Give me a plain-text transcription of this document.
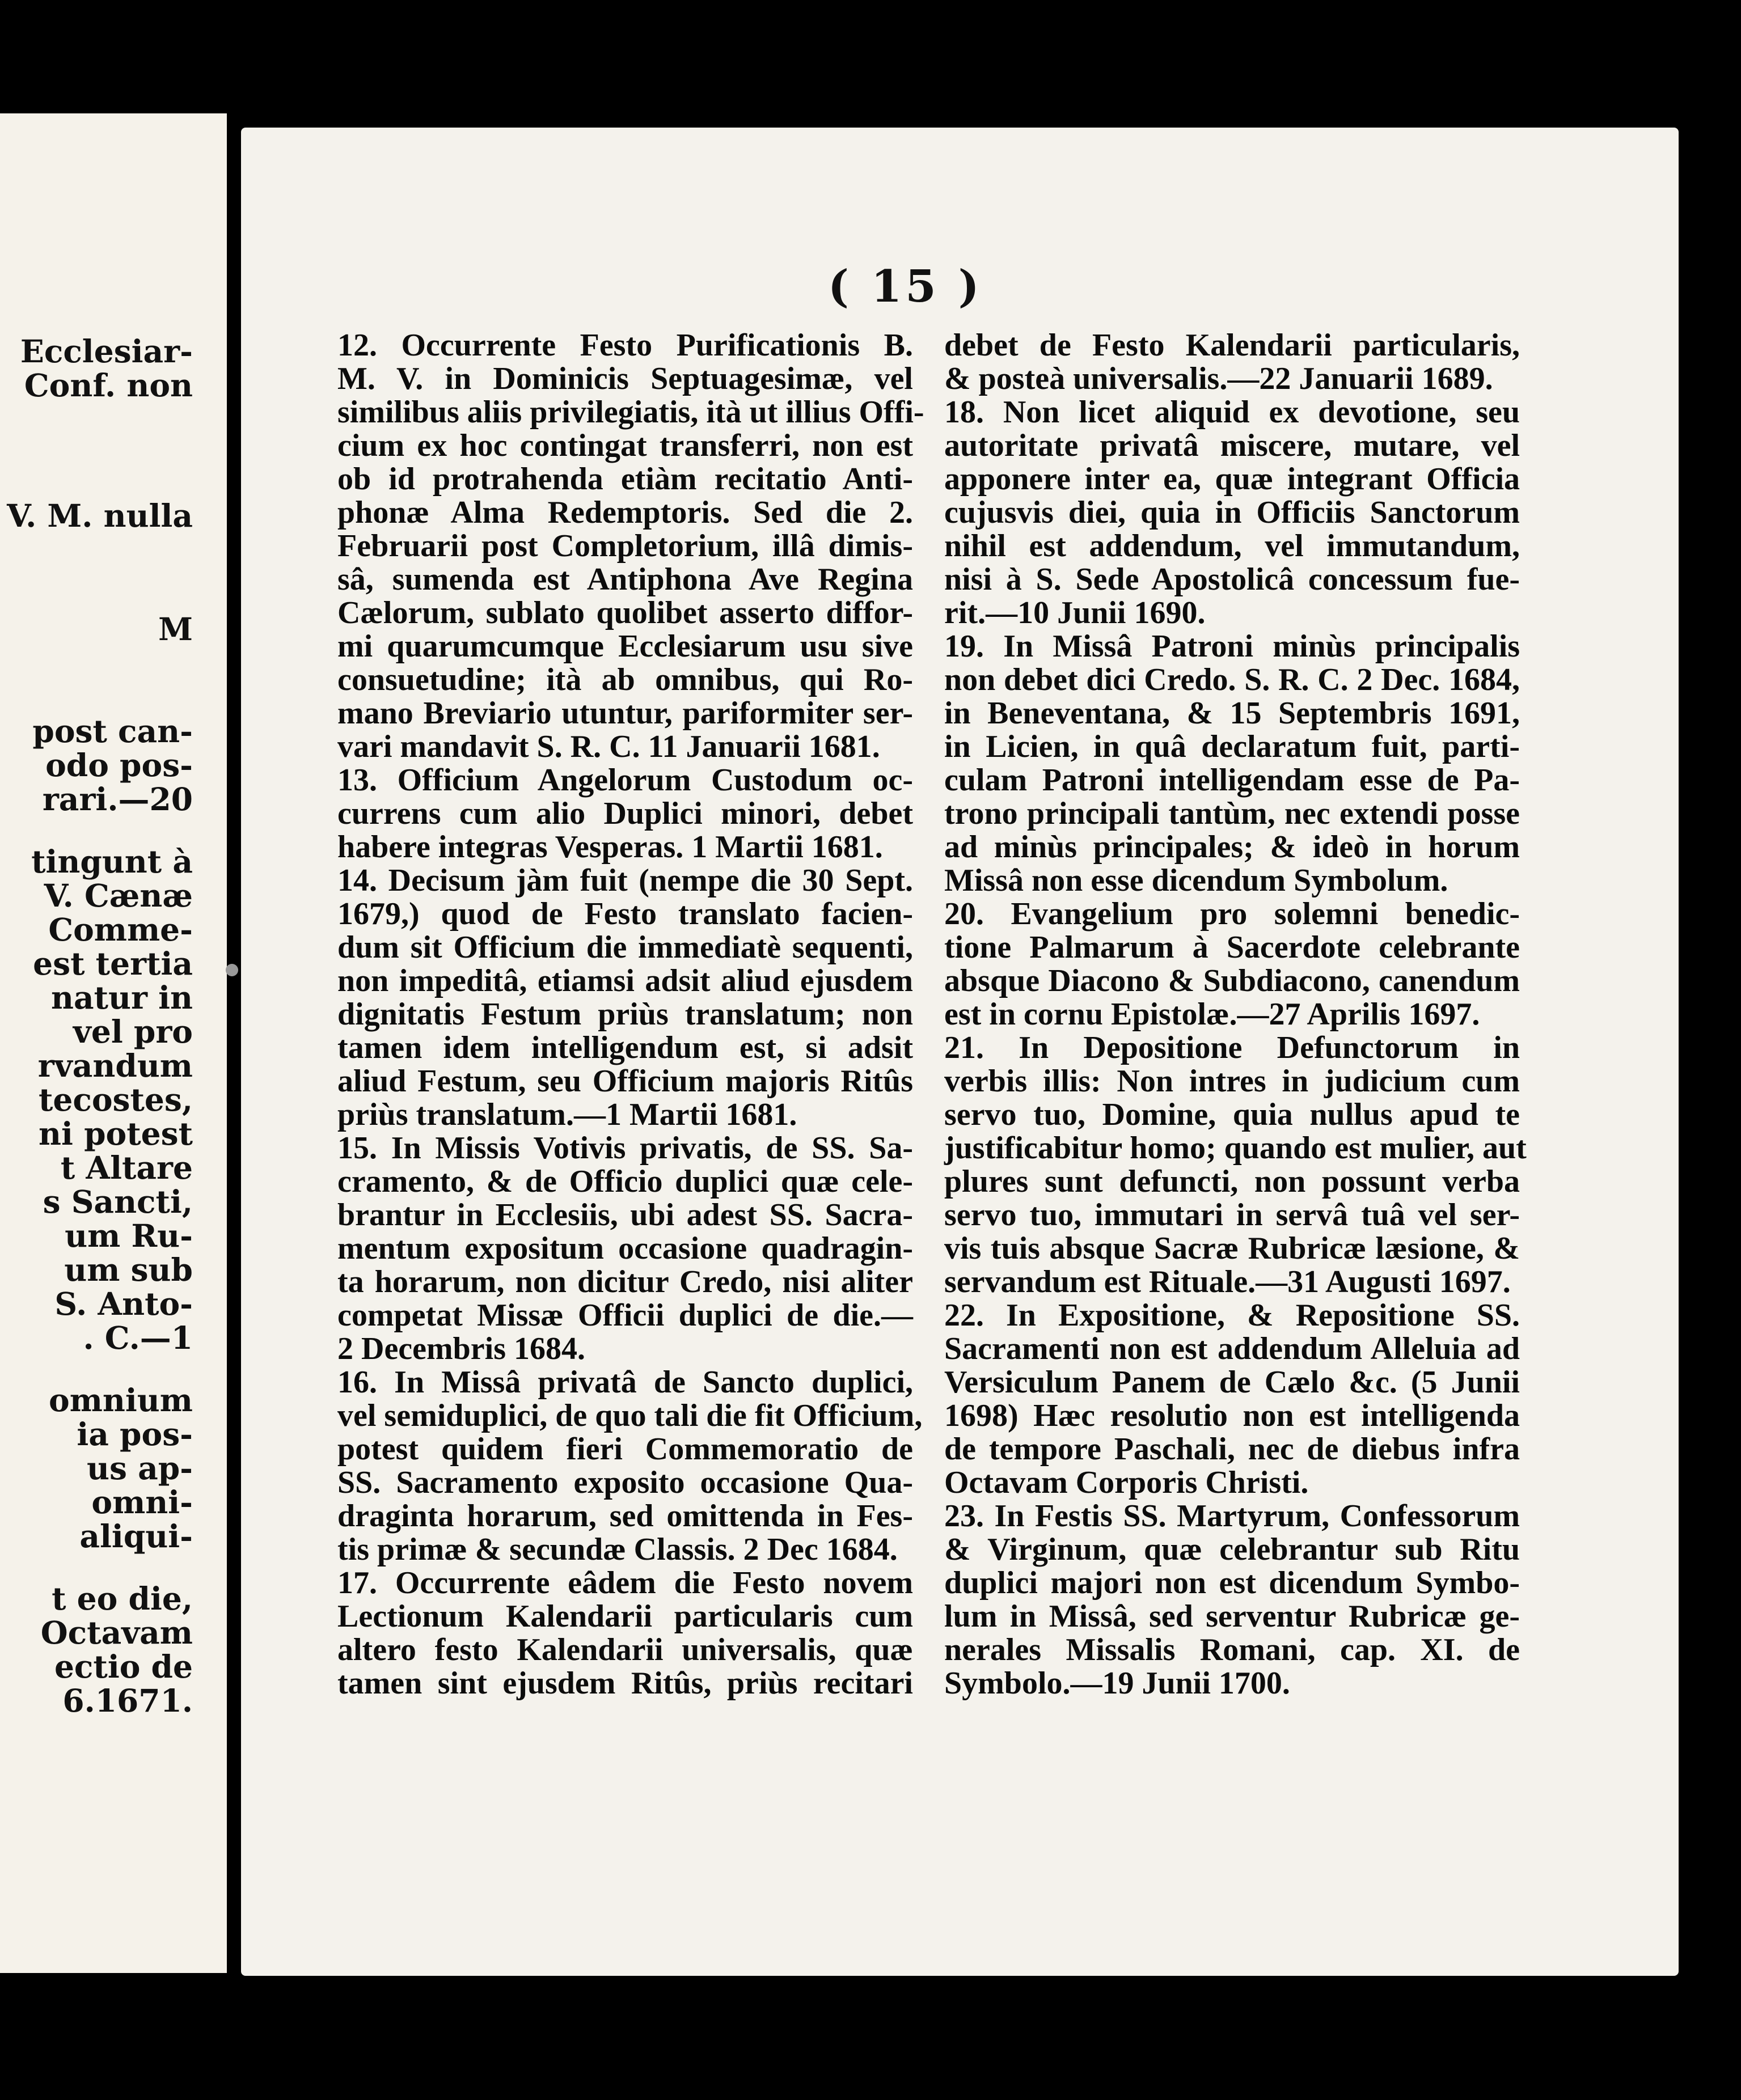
Ecclesiar-
Conf. non
V. M. nulla
M
post can-
odo pos-
rari.—20
tingunt à
V. Cænæ
Comme-
est tertia
natur in
vel pro
rvandum
tecostes,
ni potest
t Altare
s Sancti,
um Ru-
um sub
S. Anto-
. C.—1
omnium
ia pos-
us ap-
omni-
aliqui-
t eo die,
Octavam
ectio de
6.1671.
( 15 )
12. Occurrente Festo Purificationis B.
M. V. in Dominicis Septuagesimæ, vel
similibus aliis privilegiatis, ità ut illius Offi-
cium ex hoc contingat transferri, non est
ob id protrahenda etiàm recitatio Anti-
phonæ Alma Redemptoris. Sed die 2.
Februarii post Completorium, illâ dimis-
sâ, sumenda est Antiphona Ave Regina
Cælorum, sublato quolibet asserto diffor-
mi quarumcumque Ecclesiarum usu sive
consuetudine; ità ab omnibus, qui Ro-
mano Breviario utuntur, pariformiter ser-
vari mandavit S. R. C. 11 Januarii 1681.
13. Officium Angelorum Custodum oc-
currens cum alio Duplici minori, debet
habere integras Vesperas. 1 Martii 1681.
14. Decisum jàm fuit (nempe die 30 Sept.
1679,) quod de Festo translato facien-
dum sit Officium die immediatè sequenti,
non impeditâ, etiamsi adsit aliud ejusdem
dignitatis Festum priùs translatum; non
tamen idem intelligendum est, si adsit
aliud Festum, seu Officium majoris Ritûs
priùs translatum.—1 Martii 1681.
15. In Missis Votivis privatis, de SS. Sa-
cramento, & de Officio duplici quæ cele-
brantur in Ecclesiis, ubi adest SS. Sacra-
mentum expositum occasione quadragin-
ta horarum, non dicitur Credo, nisi aliter
competat Missæ Officii duplici de die.—
2 Decembris 1684.
16. In Missâ privatâ de Sancto duplici,
vel semiduplici, de quo tali die fit Officium,
potest quidem fieri Commemoratio de
SS. Sacramento exposito occasione Qua-
draginta horarum, sed omittenda in Fes-
tis primæ & secundæ Classis. 2 Dec 1684.
17. Occurrente eâdem die Festo novem
Lectionum Kalendarii particularis cum
altero festo Kalendarii universalis, quæ
tamen sint ejusdem Ritûs, priùs recitari
debet de Festo Kalendarii particularis,
& posteà universalis.—22 Januarii 1689.
18. Non licet aliquid ex devotione, seu
autoritate privatâ miscere, mutare, vel
apponere inter ea, quæ integrant Officia
cujusvis diei, quia in Officiis Sanctorum
nihil est addendum, vel immutandum,
nisi à S. Sede Apostolicâ concessum fue-
rit.—10 Junii 1690.
19. In Missâ Patroni minùs principalis
non debet dici Credo. S. R. C. 2 Dec. 1684,
in Beneventana, & 15 Septembris 1691,
in Licien, in quâ declaratum fuit, parti-
culam Patroni intelligendam esse de Pa-
trono principali tantùm, nec extendi posse
ad minùs principales; & ideò in horum
Missâ non esse dicendum Symbolum.
20. Evangelium pro solemni benedic-
tione Palmarum à Sacerdote celebrante
absque Diacono & Subdiacono, canendum
est in cornu Epistolæ.—27 Aprilis 1697.
21. In Depositione Defunctorum in
verbis illis: Non intres in judicium cum
servo tuo, Domine, quia nullus apud te
justificabitur homo; quando est mulier, aut
plures sunt defuncti, non possunt verba
servo tuo, immutari in servâ tuâ vel ser-
vis tuis absque Sacræ Rubricæ læsione, &
servandum est Rituale.—31 Augusti 1697.
22. In Expositione, & Repositione SS.
Sacramenti non est addendum Alleluia ad
Versiculum Panem de Cælo &c. (5 Junii
1698) Hæc resolutio non est intelligenda
de tempore Paschali, nec de diebus infra
Octavam Corporis Christi.
23. In Festis SS. Martyrum, Confessorum
& Virginum, quæ celebrantur sub Ritu
duplici majori non est dicendum Symbo-
lum in Missâ, sed serventur Rubricæ ge-
nerales Missalis Romani, cap. XI. de
Symbolo.—19 Junii 1700.
